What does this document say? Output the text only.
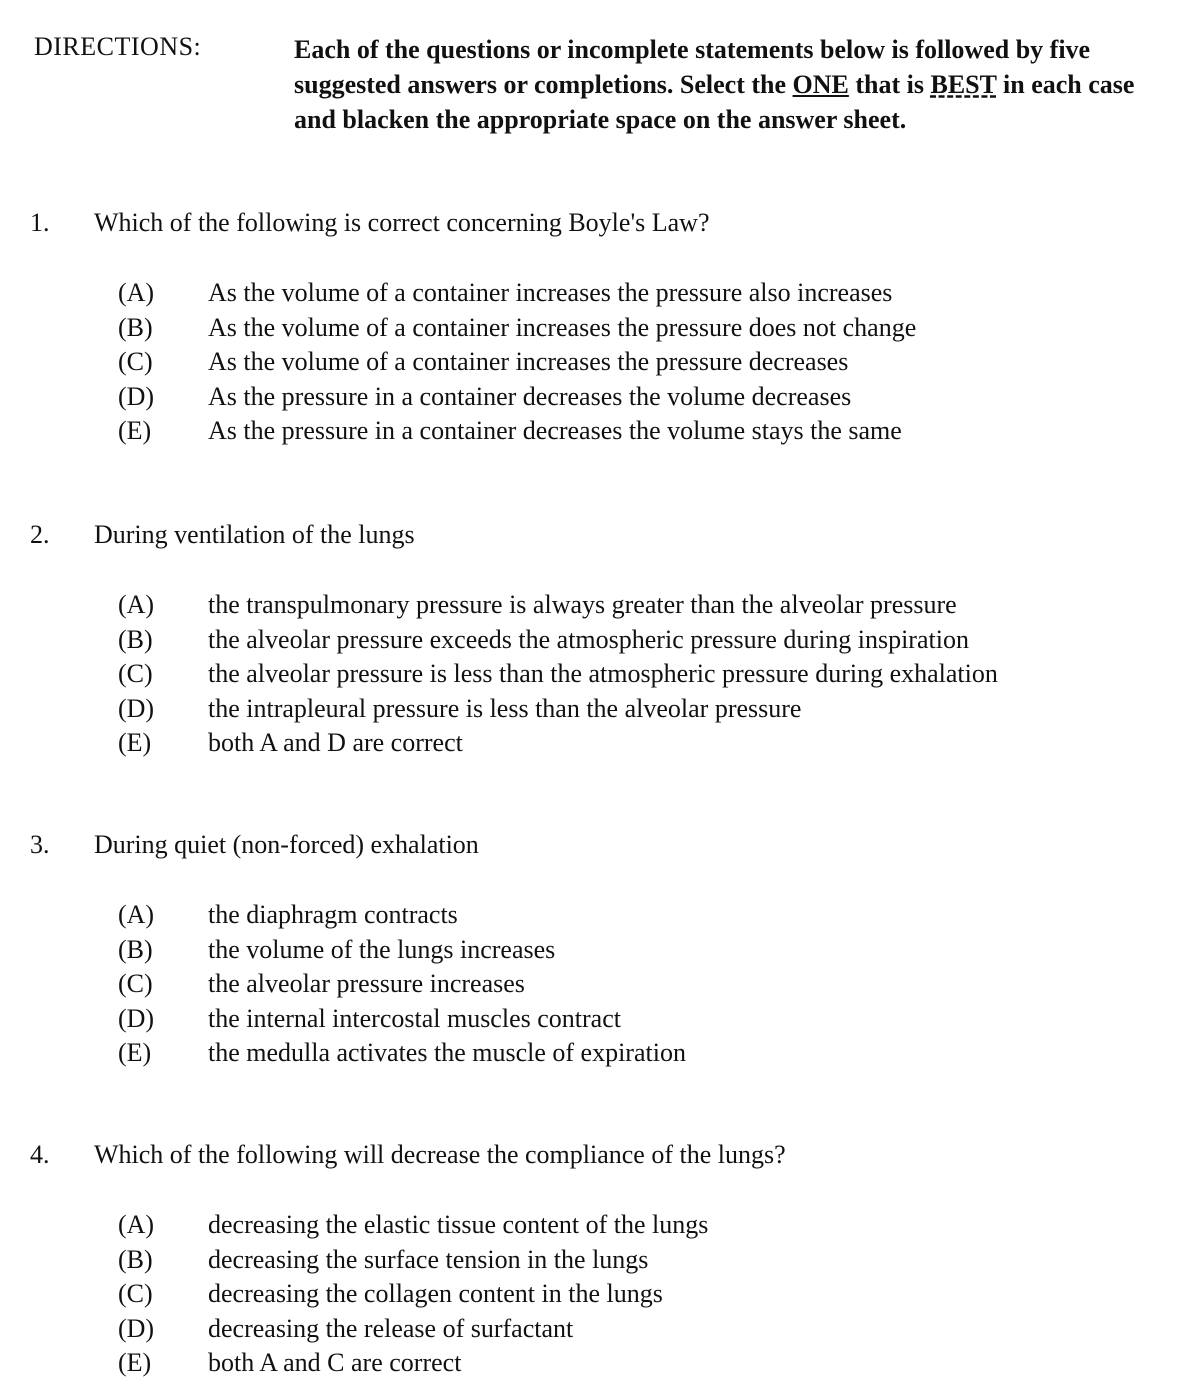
DIRECTIONS:	Each of the questions or incomplete statements below is followed by five suggested answers or completions. Select the ONE that is BEST in each case and blacken the appropriate space on the answer sheet.
1. Which of the following is correct concerning Boyle's Law?
(A) As the volume of a container increases the pressure also increases
(B) As the volume of a container increases the pressure does not change
(C) As the volume of a container increases the pressure decreases
(D) As the pressure in a container decreases the volume decreases
(E) As the pressure in a container decreases the volume stays the same
2. During ventilation of the lungs
(A) the transpulmonary pressure is always greater than the alveolar pressure
(B) the alveolar pressure exceeds the atmospheric pressure during inspiration
(C) the alveolar pressure is less than the atmospheric pressure during exhalation
(D) the intrapleural pressure is less than the alveolar pressure
(E) both A and D are correct
3. During quiet (non-forced) exhalation
(A) the diaphragm contracts
(B) the volume of the lungs increases
(C) the alveolar pressure increases
(D) the internal intercostal muscles contract
(E) the medulla activates the muscle of expiration
4. Which of the following will decrease the compliance of the lungs?
(A) decreasing the elastic tissue content of the lungs
(B) decreasing the surface tension in the lungs
(C) decreasing the collagen content in the lungs
(D) decreasing the release of surfactant
(E) both A and C are correct
